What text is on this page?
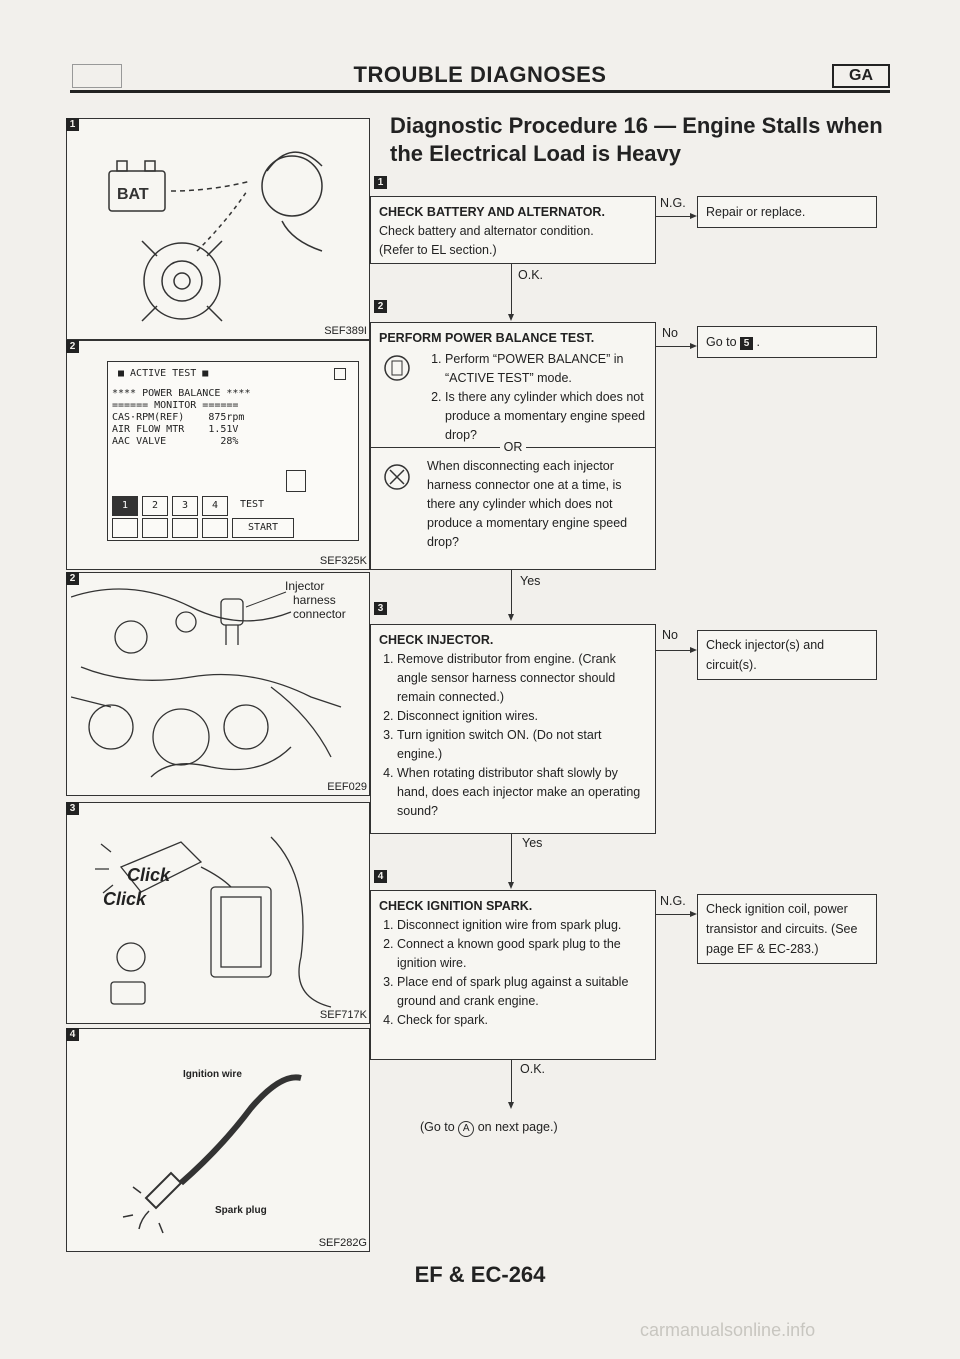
TROUBLE DIAGNOSES	GA
Diagnostic Procedure 16 — Engine Stalls when the Electrical Load is Heavy
1
BAT
SEF389I
2
■ ACTIVE TEST ■
**** POWER BALANCE ****
====== MONITOR ======
CAS·RPM(REF)    875rpm
AIR FLOW MTR    1.51V
AAC VALVE         28%
1	2	3	4	TEST
START
SEF325K
2
Injector
harness
connector
EEF029
3
Click
Click
SEF717K
4
Ignition wire
Spark plug
SEF282G
1
CHECK BATTERY AND ALTERNATOR.
Check battery and alternator condition.
(Refer to EL section.)
N.G.
Repair or replace.
O.K.
2
PERFORM POWER BALANCE TEST.
1. Perform “POWER BALANCE” in “ACTIVE TEST” mode.
2. Is there any cylinder which does not produce a momentary engine speed drop?
OR
When disconnecting each injector harness connector one at a time, is there any cylinder which does not produce a momentary engine speed drop?
No
Go to 5 .
Yes
3
CHECK INJECTOR.
1. Remove distributor from engine. (Crank angle sensor harness connector should remain connected.)
2. Disconnect ignition wires.
3. Turn ignition switch ON. (Do not start engine.)
4. When rotating distributor shaft slowly by hand, does each injector make an operating sound?
No
Check injector(s) and circuit(s).
Yes
4
CHECK IGNITION SPARK.
1. Disconnect ignition wire from spark plug.
2. Connect a known good spark plug to the ignition wire.
3. Place end of spark plug against a suitable ground and crank engine.
4. Check for spark.
N.G.
Check ignition coil, power transistor and circuits. (See page EF & EC-283.)
O.K.
(Go to A on next page.)
EF & EC-264
carmanualsonline.info
